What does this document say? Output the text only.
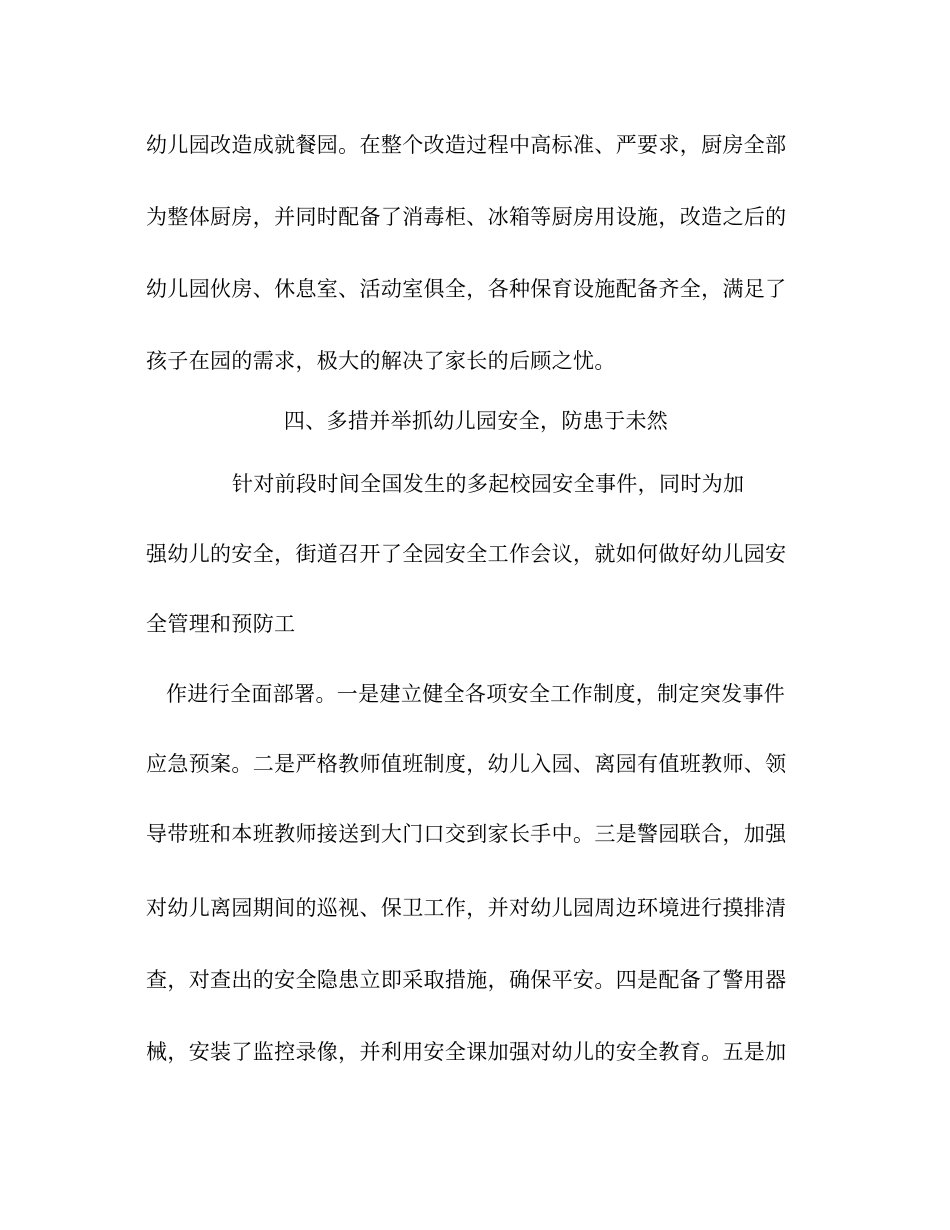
幼儿园改造成就餐园。在整个改造过程中高标准、严要求，厨房全部
为整体厨房，并同时配备了消毒柜、冰箱等厨房用设施，改造之后的
幼儿园伙房、休息室、活动室俱全，各种保育设施配备齐全，满足了
孩子在园的需求，极大的解决了家长的后顾之忧。
四、多措并举抓幼儿园安全，防患于未然
针对前段时间全国发生的多起校园安全事件，同时为加
强幼儿的安全，街道召开了全园安全工作会议，就如何做好幼儿园安
全管理和预防工
作进行全面部署。一是建立健全各项安全工作制度，制定突发事件
应急预案。二是严格教师值班制度，幼儿入园、离园有值班教师、领
导带班和本班教师接送到大门口交到家长手中。三是警园联合，加强
对幼儿离园期间的巡视、保卫工作，并对幼儿园周边环境进行摸排清
查，对查出的安全隐患立即采取措施，确保平安。四是配备了警用器
械，安装了监控录像，并利用安全课加强对幼儿的安全教育。五是加
